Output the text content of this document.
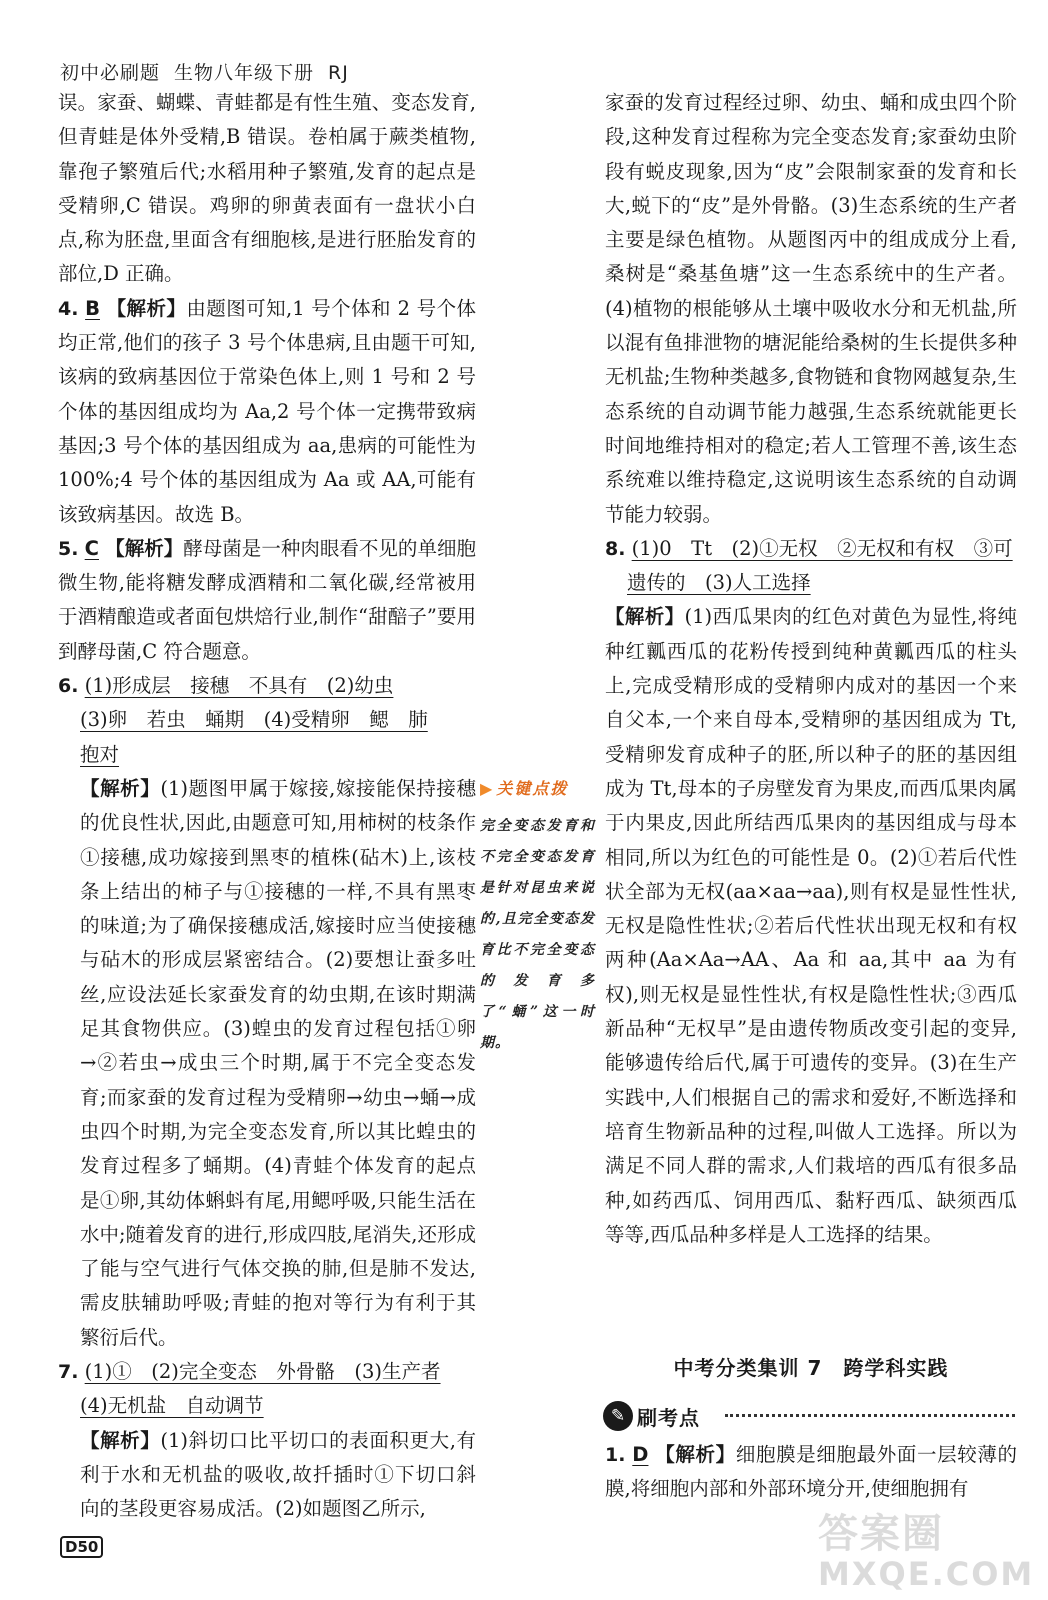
初中必刷题 生物八年级下册 RJ

误。家蚕、蝴蝶、青蛙都是有性生殖、变态发育,但青蛙是体外受精,B 错误。卷柏属于蕨类植物,靠孢子繁殖后代;水稻用种子繁殖,发育的起点是受精卵,C 错误。鸡卵的卵黄表面有一盘状小白点,称为胚盘,里面含有细胞核,是进行胚胎发育的部位,D 正确。

4. B 【解析】由题图可知,1 号个体和 2 号个体均正常,他们的孩子 3 号个体患病,且由题干可知,该病的致病基因位于常染色体上,则 1 号和 2 号个体的基因组成均为 Aa,2 号个体一定携带致病基因;3 号个体的基因组成为 aa,患病的可能性为 100%;4 号个体的基因组成为 Aa 或 AA,可能有该致病基因。故选 B。

5. C 【解析】酵母菌是一种肉眼看不见的单细胞微生物,能将糖发酵成酒精和二氧化碳,经常被用于酒精酿造或者面包烘焙行业,制作“甜醅子”要用到酵母菌,C 符合题意。

6. (1)形成层　接穗　不具有　(2)幼虫
(3)卵　若虫　蛹期　(4)受精卵　鳃　肺
抱对

【解析】(1)题图甲属于嫁接,嫁接能保持接穗的优良性状,因此,由题意可知,用柿树的枝条作①接穗,成功嫁接到黑枣的植株(砧木)上,该枝条上结出的柿子与①接穗的一样,不具有黑枣的味道;为了确保接穗成活,嫁接时应当使接穗与砧木的形成层紧密结合。(2)要想让蚕多吐丝,应设法延长家蚕发育的幼虫期,在该时期满足其食物供应。(3)蝗虫的发育过程包括①卵→②若虫→成虫三个时期,属于不完全变态发育;而家蚕的发育过程为受精卵→幼虫→蛹→成虫四个时期,为完全变态发育,所以其比蝗虫的发育过程多了蛹期。(4)青蛙个体发育的起点是①卵,其幼体蝌蚪有尾,用鳃呼吸,只能生活在水中;随着发育的进行,形成四肢,尾消失,还形成了能与空气进行气体交换的肺,但是肺不发达,需皮肤辅助呼吸;青蛙的抱对等行为有利于其繁衍后代。

7. (1)①　(2)完全变态　外骨骼　(3)生产者
(4)无机盐　自动调节

【解析】(1)斜切口比平切口的表面积更大,有利于水和无机盐的吸收,故扦插时①下切口斜向的茎段更容易成活。(2)如题图乙所示,

▶ 关键点拨
完全变态发育和不完全变态发育是针对昆虫来说的,且完全变态发育比不完全变态的发育多了“蛹”这一时期。

家蚕的发育过程经过卵、幼虫、蛹和成虫四个阶段,这种发育过程称为完全变态发育;家蚕幼虫阶段有蜕皮现象,因为“皮”会限制家蚕的发育和长大,蜕下的“皮”是外骨骼。(3)生态系统的生产者主要是绿色植物。从题图丙中的组成成分上看,桑树是“桑基鱼塘”这一生态系统中的生产者。(4)植物的根能够从土壤中吸收水分和无机盐,所以混有鱼排泄物的塘泥能给桑树的生长提供多种无机盐;生物种类越多,食物链和食物网越复杂,生态系统的自动调节能力越强,生态系统就能更长时间地维持相对的稳定;若人工管理不善,该生态系统难以维持稳定,这说明该生态系统的自动调节能力较弱。

8. (1)0　Tt　(2)①无权　②无权和有权　③可
遗传的　(3)人工选择

【解析】(1)西瓜果肉的红色对黄色为显性,将纯种红瓤西瓜的花粉传授到纯种黄瓤西瓜的柱头上,完成受精形成的受精卵内成对的基因一个来自父本,一个来自母本,受精卵的基因组成为 Tt,受精卵发育成种子的胚,所以种子的胚的基因组成为 Tt,母本的子房壁发育为果皮,而西瓜果肉属于内果皮,因此所结西瓜果肉的基因组成与母本相同,所以为红色的可能性是 0。(2)①若后代性状全部为无权(aa×aa→aa),则有权是显性性状,无权是隐性性状;②若后代性状出现无权和有权两种(Aa×Aa→AA、Aa 和 aa,其中 aa 为有权),则无权是显性性状,有权是隐性性状;③西瓜新品种“无权早”是由遗传物质改变引起的变异,能够遗传给后代,属于可遗传的变异。(3)在生产实践中,人们根据自己的需求和爱好,不断选择和培育生物新品种的过程,叫做人工选择。所以为满足不同人群的需求,人们栽培的西瓜有很多品种,如药西瓜、饲用西瓜、黏籽西瓜、缺须西瓜等等,西瓜品种多样是人工选择的结果。

中考分类集训 7　跨学科实践
✎ 刷考点

1. D 【解析】细胞膜是细胞最外面一层较薄的膜,将细胞内部和外部环境分开,使细胞拥有

D50	答案圈
MXQE.COM
